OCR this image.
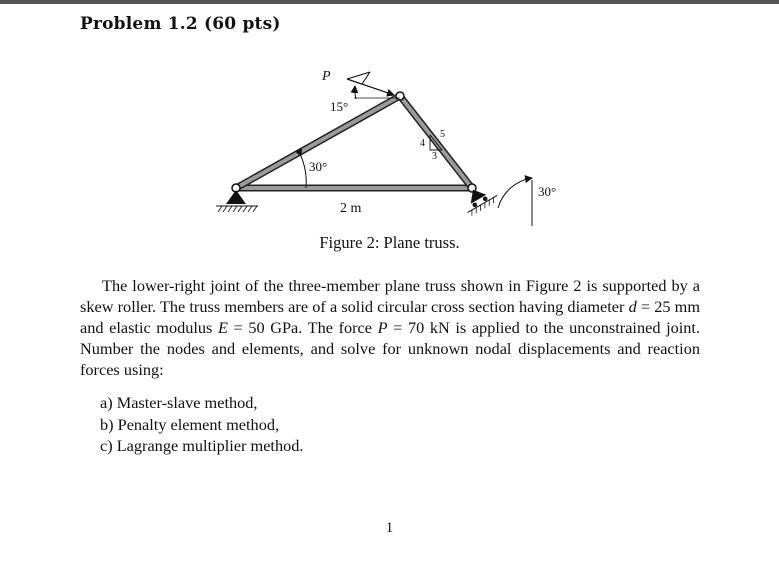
Problem 1.2 (60 pts)
30°
30°
P
15°
4
5
3
2 m
Figure 2: Plane truss.

The lower-right joint of the three-member plane truss shown in Figure 2 is supported by a skew roller. The truss members are of a solid circular cross section having diameter d = 25 mm and elastic modulus E = 50 GPa. The force P = 70 kN is applied to the unconstrained joint. Number the nodes and elements, and solve for unknown nodal displacements and reaction forces using:

a) Master-slave method,
b) Penalty element method,
c) Lagrange multiplier method.
1
